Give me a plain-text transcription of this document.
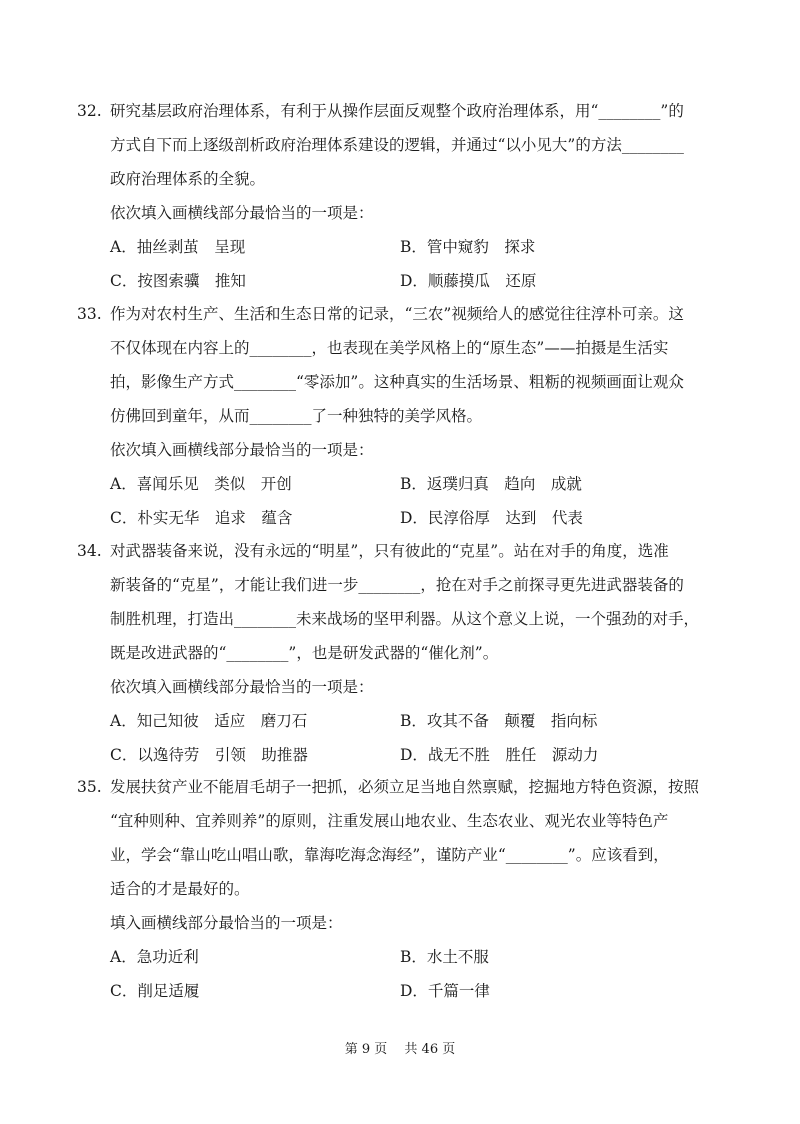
32. 研究基层政府治理体系，有利于从操作层面反观整个政府治理体系，用“________”的
方式自下而上逐级剖析政府治理体系建设的逻辑，并通过“以小见大”的方法________
政府治理体系的全貌。
依次填入画横线部分最恰当的一项是：
A．抽丝剥茧　呈现	B．管中窥豹　探求
C．按图索骥　推知	D．顺藤摸瓜　还原
33. 作为对农村生产、生活和生态日常的记录，“三农”视频给人的感觉往往淳朴可亲。这
不仅体现在内容上的________，也表现在美学风格上的“原生态”——拍摄是生活实
拍，影像生产方式________“零添加”。这种真实的生活场景、粗粝的视频画面让观众
仿佛回到童年，从而________了一种独特的美学风格。
依次填入画横线部分最恰当的一项是：
A．喜闻乐见　类似　开创	B．返璞归真　趋向　成就
C．朴实无华　追求　蕴含	D．民淳俗厚　达到　代表
34. 对武器装备来说，没有永远的“明星”，只有彼此的“克星”。站在对手的角度，选准
新装备的“克星”，才能让我们进一步________，抢在对手之前探寻更先进武器装备的
制胜机理，打造出________未来战场的坚甲利器。从这个意义上说，一个强劲的对手，
既是改进武器的“________”，也是研发武器的“催化剂”。
依次填入画横线部分最恰当的一项是：
A．知己知彼　适应　磨刀石	B．攻其不备　颠覆　指向标
C．以逸待劳　引领　助推器	D．战无不胜　胜任　源动力
35. 发展扶贫产业不能眉毛胡子一把抓，必须立足当地自然禀赋，挖掘地方特色资源，按照
“宜种则种、宜养则养”的原则，注重发展山地农业、生态农业、观光农业等特色产
业，学会“靠山吃山唱山歌，靠海吃海念海经”，谨防产业“________”。应该看到，
适合的才是最好的。
填入画横线部分最恰当的一项是：
A．急功近利	B．水土不服
C．削足适履	D．千篇一律
第 9 页　 共 46 页
